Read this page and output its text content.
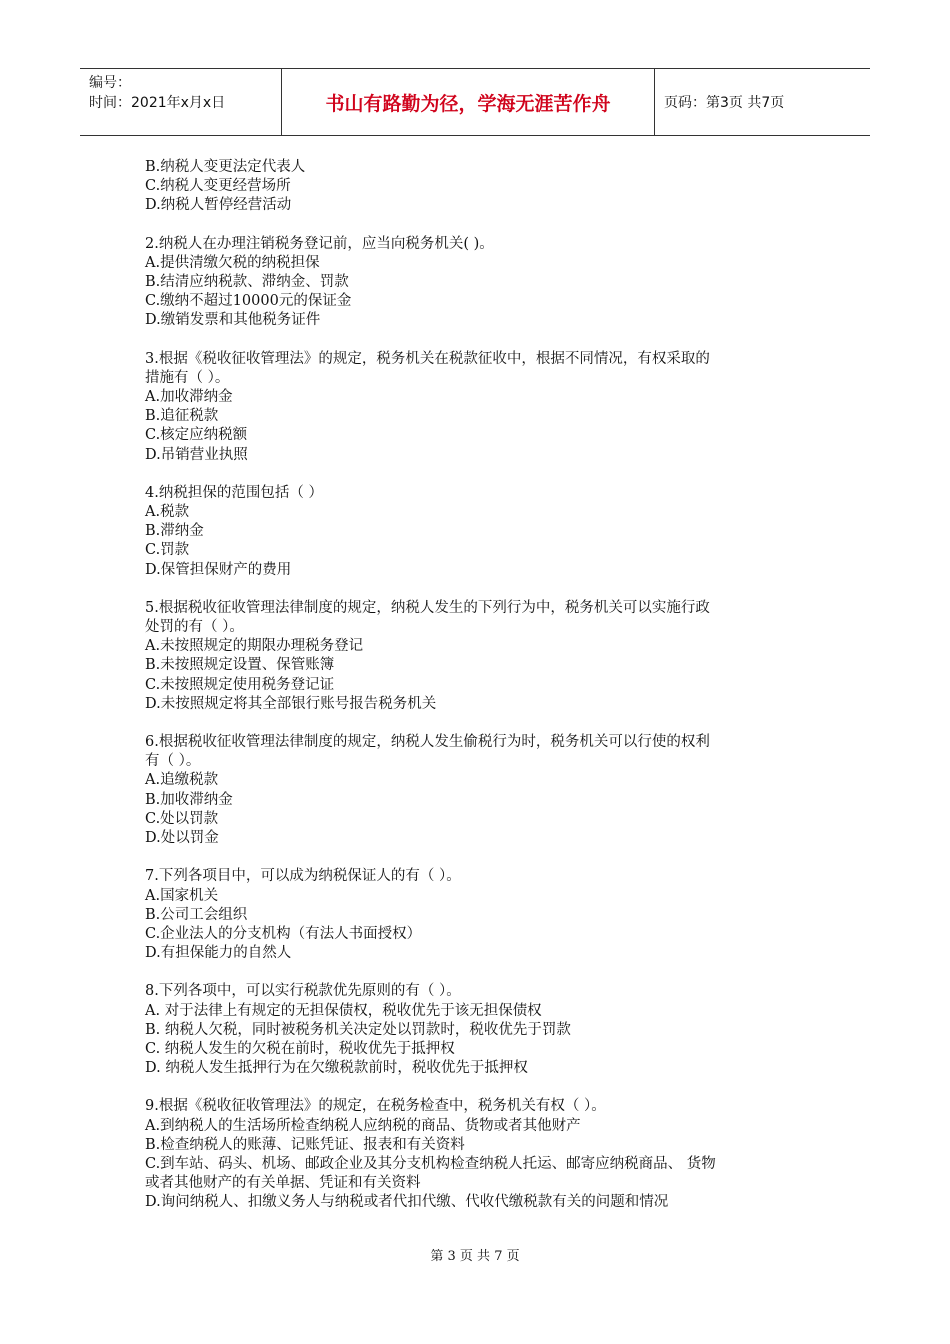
编号：
时间：2021年x月x日	书山有路勤为径，学海无涯苦作舟	页码：第3页 共7页

B.纳税人变更法定代表人

C.纳税人变更经营场所

D.纳税人暂停经营活动

2.纳税人在办理注销税务登记前，应当向税务机关( )。

A.提供清缴欠税的纳税担保

B.结清应纳税款、滞纳金、罚款

C.缴纳不超过10000元的保证金

D.缴销发票和其他税务证件

3.根据《税收征收管理法》的规定，税务机关在税款征收中，根据不同情况，有权采取的

措施有（ ）。

A.加收滞纳金

B.追征税款

C.核定应纳税额

D.吊销营业执照

4.纳税担保的范围包括（ ）

A.税款

B.滞纳金

C.罚款

D.保管担保财产的费用

5.根据税收征收管理法律制度的规定，纳税人发生的下列行为中，税务机关可以实施行政

处罚的有（ ）。

A.未按照规定的期限办理税务登记

B.未按照规定设置、保管账簿

C.未按照规定使用税务登记证

D.未按照规定将其全部银行账号报告税务机关

6.根据税收征收管理法律制度的规定，纳税人发生偷税行为时，税务机关可以行使的权利

有（ ）。

A.追缴税款

B.加收滞纳金

C.处以罚款

D.处以罚金

7.下列各项目中，可以成为纳税保证人的有（ ）。

A.国家机关

B.公司工会组织

C.企业法人的分支机构（有法人书面授权）

D.有担保能力的自然人

8.下列各项中，可以实行税款优先原则的有（ ）。

A. 对于法律上有规定的无担保债权，税收优先于该无担保债权

B. 纳税人欠税，同时被税务机关决定处以罚款时，税收优先于罚款

C. 纳税人发生的欠税在前时，税收优先于抵押权

D. 纳税人发生抵押行为在欠缴税款前时，税收优先于抵押权

9.根据《税收征收管理法》的规定，在税务检查中，税务机关有权（ ）。

A.到纳税人的生活场所检查纳税人应纳税的商品、货物或者其他财产

B.检查纳税人的账薄、记账凭证、报表和有关资料

C.到车站、码头、机场、邮政企业及其分支机构检查纳税人托运、邮寄应纳税商品、 货物

或者其他财产的有关单据、凭证和有关资料

D.询问纳税人、扣缴义务人与纳税或者代扣代缴、代收代缴税款有关的问题和情况

第 3 页 共 7 页
